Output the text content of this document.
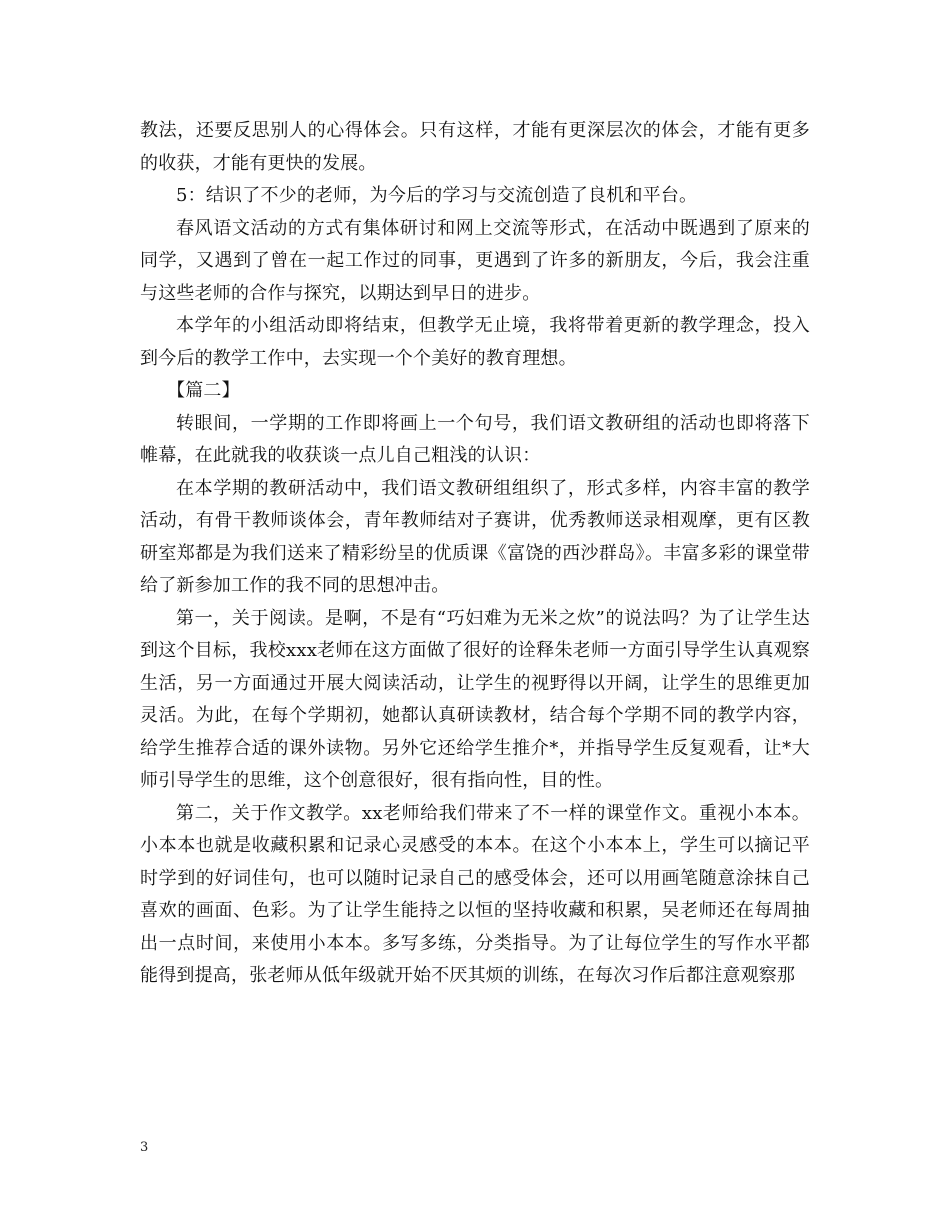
教法，还要反思别人的心得体会。只有这样，才能有更深层次的体会，才能有更多的收获，才能有更快的发展。

5：结识了不少的老师，为今后的学习与交流创造了良机和平台。

春风语文活动的方式有集体研讨和网上交流等形式，在活动中既遇到了原来的同学，又遇到了曾在一起工作过的同事，更遇到了许多的新朋友，今后，我会注重与这些老师的合作与探究，以期达到早日的进步。

本学年的小组活动即将结束，但教学无止境，我将带着更新的教学理念，投入到今后的教学工作中，去实现一个个美好的教育理想。

【篇二】

转眼间，一学期的工作即将画上一个句号，我们语文教研组的活动也即将落下帷幕，在此就我的收获谈一点儿自己粗浅的认识：

在本学期的教研活动中，我们语文教研组组织了，形式多样，内容丰富的教学活动，有骨干教师谈体会，青年教师结对子赛讲，优秀教师送录相观摩，更有区教研室郑都是为我们送来了精彩纷呈的优质课《富饶的西沙群岛》。丰富多彩的课堂带给了新参加工作的我不同的思想冲击。

第一，关于阅读。是啊，不是有“巧妇难为无米之炊”的说法吗？为了让学生达到这个目标，我校xxx老师在这方面做了很好的诠释朱老师一方面引导学生认真观察生活，另一方面通过开展大阅读活动，让学生的视野得以开阔，让学生的思维更加灵活。为此，在每个学期初，她都认真研读教材，结合每个学期不同的教学内容，给学生推荐合适的课外读物。另外它还给学生推介*，并指导学生反复观看，让*大师引导学生的思维，这个创意很好，很有指向性，目的性。

第二，关于作文教学。xx老师给我们带来了不一样的课堂作文。重视小本本。小本本也就是收藏积累和记录心灵感受的本本。在这个小本本上，学生可以摘记平时学到的好词佳句，也可以随时记录自己的感受体会，还可以用画笔随意涂抹自己喜欢的画面、色彩。为了让学生能持之以恒的坚持收藏和积累，吴老师还在每周抽出一点时间，来使用小本本。多写多练，分类指导。为了让每位学生的写作水平都能得到提高，张老师从低年级就开始不厌其烦的训练，在每次习作后都注意观察那

3
